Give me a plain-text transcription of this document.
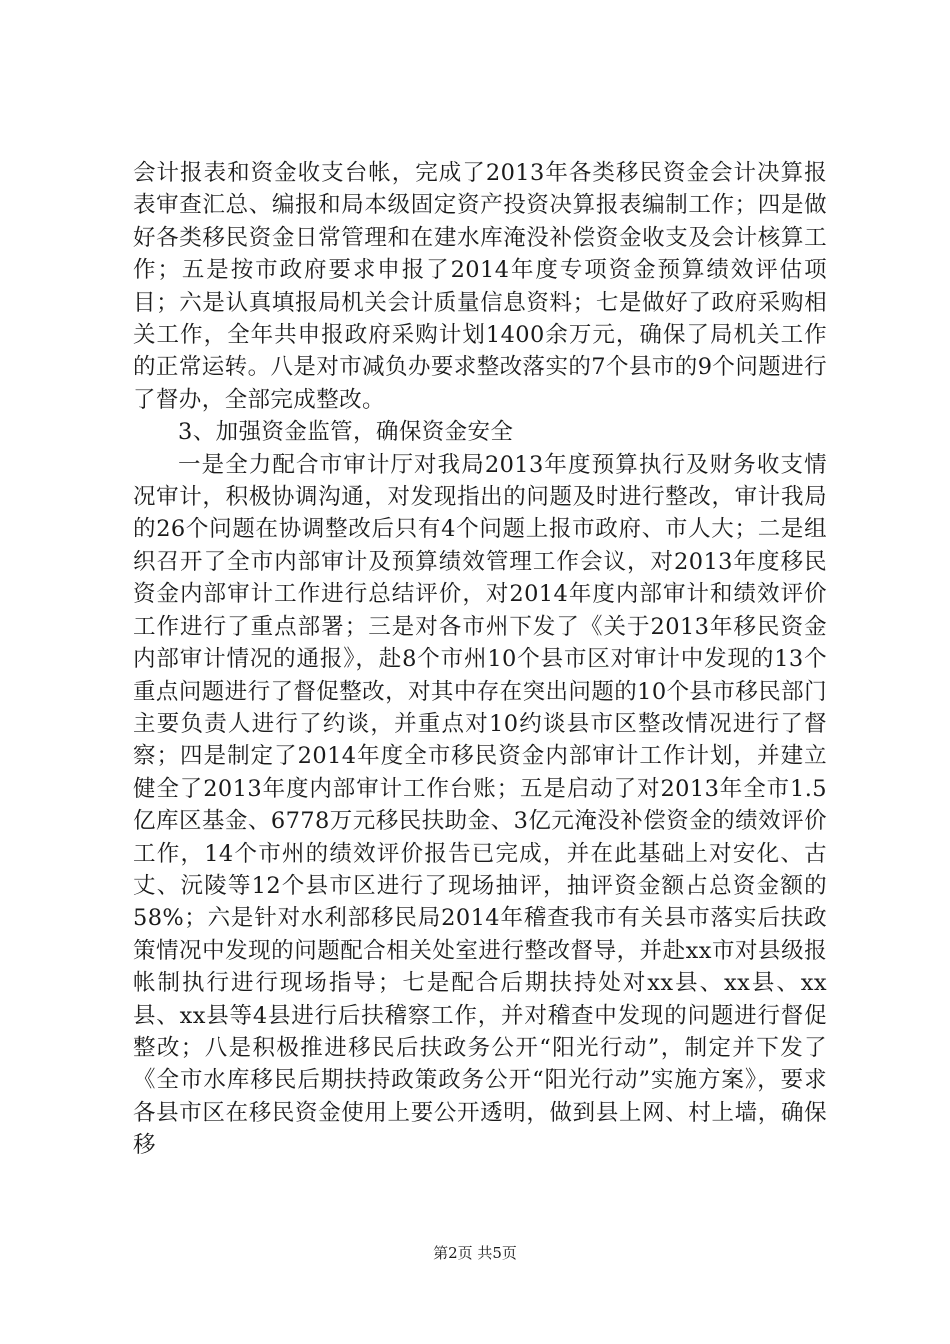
会计报表和资金收支台帐，完成了2013年各类移民资金会计决算报表审查汇总、编报和局本级固定资产投资决算报表编制工作；四是做好各类移民资金日常管理和在建水库淹没补偿资金收支及会计核算工作；五是按市政府要求申报了2014年度专项资金预算绩效评估项目；六是认真填报局机关会计质量信息资料；七是做好了政府采购相关工作，全年共申报政府采购计划1400余万元，确保了局机关工作的正常运转。八是对市减负办要求整改落实的7个县市的9个问题进行了督办，全部完成整改。

3、加强资金监管，确保资金安全

一是全力配合市审计厅对我局2013年度预算执行及财务收支情况审计，积极协调沟通，对发现指出的问题及时进行整改，审计我局的26个问题在协调整改后只有4个问题上报市政府、市人大；二是组织召开了全市内部审计及预算绩效管理工作会议，对2013年度移民资金内部审计工作进行总结评价，对2014年度内部审计和绩效评价工作进行了重点部署；三是对各市州下发了《关于2013年移民资金内部审计情况的通报》，赴8个市州10个县市区对审计中发现的13个重点问题进行了督促整改，对其中存在突出问题的10个县市移民部门主要负责人进行了约谈，并重点对10约谈县市区整改情况进行了督察；四是制定了2014年度全市移民资金内部审计工作计划，并建立健全了2013年度内部审计工作台账；五是启动了对2013年全市1.5亿库区基金、6778万元移民扶助金、3亿元淹没补偿资金的绩效评价工作，14个市州的绩效评价报告已完成，并在此基础上对安化、古丈、沅陵等12个县市区进行了现场抽评，抽评资金额占总资金额的58%；六是针对水利部移民局2014年稽查我市有关县市落实后扶政策情况中发现的问题配合相关处室进行整改督导，并赴xx市对县级报帐制执行进行现场指导；七是配合后期扶持处对xx县、xx县、xx县、xx县等4县进行后扶稽察工作，并对稽查中发现的问题进行督促整改；八是积极推进移民后扶政务公开“阳光行动”，制定并下发了《全市水库移民后期扶持政策政务公开“阳光行动”实施方案》，要求各县市区在移民资金使用上要公开透明，做到县上网、村上墙，确保移

第2页 共5页
